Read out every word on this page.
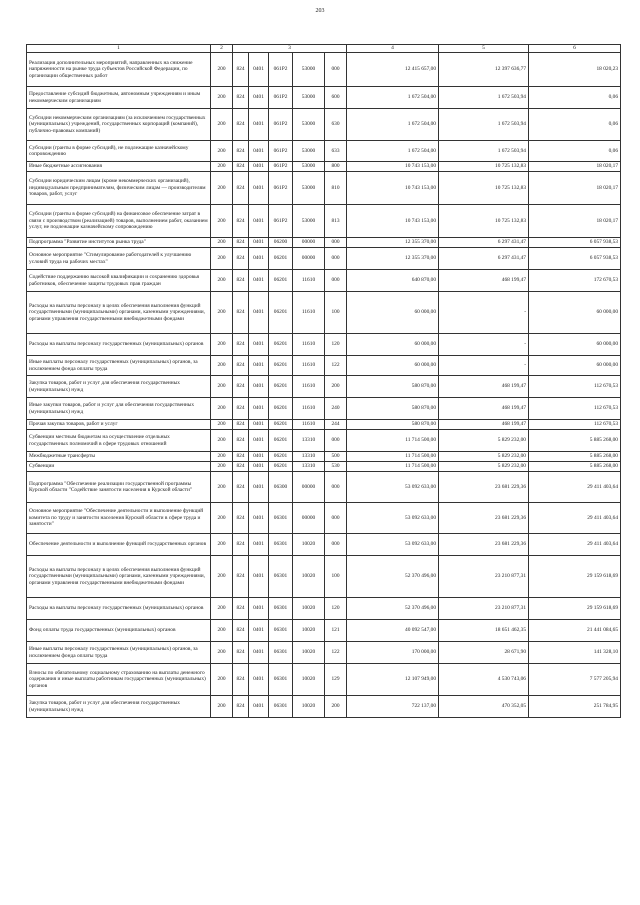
203
1	2	3					4	5	6
Реализация дополнительных мероприятий, направленных на снижение напряженности на рынке труда субъектов Российской Федерации, по организации общественных работ	200	824	0401	061P2	53000	000	12 415 657,00	12 397 636,77	18 020,23
Предоставление субсидий бюджетным, автономным учреждениям и иным некоммерческим организациям	200	824	0401	061P2	53000	600	1 672 504,00	1 672 503,94	0,06
Субсидии некоммерческим организациям (за исключением государственных (муниципальных) учреждений, государственных корпораций (компаний), публично-правовых компаний)	200	824	0401	061P2	53000	630	1 672 504,00	1 672 503,94	0,06
Субсидии (гранты в форме субсидий), не подлежащие казначейскому сопровождению	200	824	0401	061P2	53000	633	1 672 504,00	1 672 503,94	0,06
Иные бюджетные ассигнования	200	824	0401	061P2	53000	800	10 743 153,00	10 725 132,83	18 020,17
Субсидии юридическим лицам (кроме некоммерческих организаций), индивидуальным предпринимателям, физическим лицам — производителям товаров, работ, услуг	200	824	0401	061P2	53000	810	10 743 153,00	10 725 132,83	18 020,17
Субсидии (гранты в форме субсидий) на финансовое обеспечение затрат в связи с производством (реализацией) товаров, выполнением работ, оказанием услуг, не подлежащие казначейскому сопровождению	200	824	0401	061P2	53000	813	10 743 153,00	10 725 132,83	18 020,17
Подпрограмма "Развитие институтов рынка труда"	200	824	0401	06200	00000	000	12 355 370,00	6 297 431,47	6 057 938,53
Основное мероприятие "Стимулирование работодателей к улучшению условий труда на рабочих местах"	200	824	0401	06201	00000	000	12 355 370,00	6 297 431,47	6 057 938,53
Содействие поддержанию высокой квалификации и сохранению здоровья работников, обеспечение защиты трудовых прав граждан	200	824	0401	06201	11610	000	640 870,00	468 199,47	172 670,53
Расходы на выплаты персоналу в целях обеспечения выполнения функций государственными (муниципальными) органами, казенными учреждениями, органами управления государственными внебюджетными фондами	200	824	0401	06201	11610	100	60 000,00	-	60 000,00
Расходы на выплаты персоналу государственных (муниципальных) органов	200	824	0401	06201	11610	120	60 000,00	-	60 000,00
Иные выплаты персоналу государственных (муниципальных) органов, за исключением фонда оплаты труда	200	824	0401	06201	11610	122	60 000,00	-	60 000,00
Закупка товаров, работ и услуг для обеспечения государственных (муниципальных) нужд	200	824	0401	06201	11610	200	580 870,00	468 199,47	112 670,53
Иные закупки товаров, работ и услуг для обеспечения государственных (муниципальных) нужд	200	824	0401	06201	11610	240	580 870,00	468 199,47	112 670,53
Прочая закупка товаров, работ и услуг	200	824	0401	06201	11610	244	580 870,00	468 199,47	112 670,53
Субвенции местным бюджетам на осуществление отдельных государственных полномочий в сфере трудовых отношений	200	824	0401	06201	13310	000	11 714 500,00	5 829 232,00	5 885 268,00
Межбюджетные трансферты	200	824	0401	06201	13310	500	11 714 500,00	5 829 232,00	5 885 268,00
Субвенции	200	824	0401	06201	13310	530	11 714 500,00	5 829 232,00	5 885 268,00
Подпрограмма "Обеспечение реализации государственной программы Курской области "Содействие занятости населения в Курской области"	200	824	0401	06300	00000	000	53 092 633,00	23 681 229,36	29 411 403,64
Основное мероприятие "Обеспечение деятельности и выполнение функций комитета по труду и занятости населения Курской области в сфере труда и занятости"	200	824	0401	06301	00000	000	53 092 633,00	23 681 229,36	29 411 403,64
Обеспечение деятельности и выполнение функций государственных органов	200	824	0401	06301	10020	000	53 092 633,00	23 681 229,36	29 411 403,64
Расходы на выплаты персоналу в целях обеспечения выполнения функций государственными (муниципальными) органами, казенными учреждениями, органами управления государственными внебюджетными фондами	200	824	0401	06301	10020	100	52 370 496,00	23 210 877,31	29 159 618,69
Расходы на выплаты персоналу государственных (муниципальных) органов	200	824	0401	06301	10020	120	52 370 496,00	23 210 877,31	29 159 618,69
Фонд оплаты труда государственных (муниципальных) органов	200	824	0401	06301	10020	121	40 092 547,00	18 651 462,35	21 441 084,65
Иные выплаты персоналу государственных (муниципальных) органов, за исключением фонда оплаты труда	200	824	0401	06301	10020	122	170 000,00	28 671,90	141 328,10
Взносы по обязательному социальному страхованию на выплаты денежного содержания и иные выплаты работникам государственных (муниципальных) органов	200	824	0401	06301	10020	129	12 107 949,00	4 530 743,06	7 577 205,94
Закупка товаров, работ и услуг для обеспечения государственных (муниципальных) нужд	200	824	0401	06301	10020	200	722 137,00	470 352,05	251 784,95
